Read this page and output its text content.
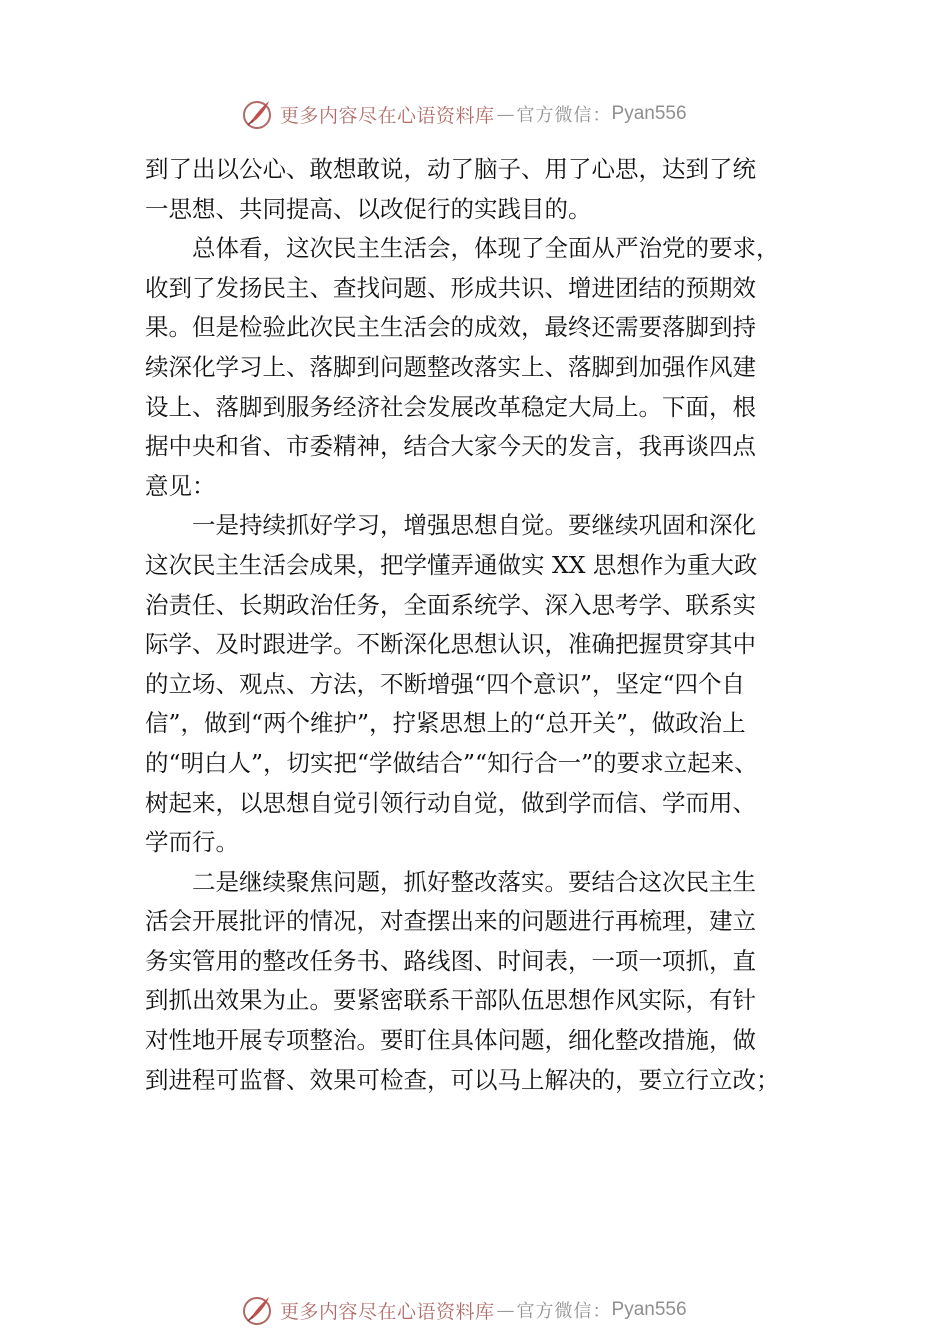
更多内容尽在心语资料库 — 官方微信： Pyan556
到了出以公心、敢想敢说，动了脑子、用了心思，达到了统
一思想、共同提高、以改促行的实践目的。
总体看，这次民主生活会，体现了全面从严治党的要求，
收到了发扬民主、查找问题、形成共识、增进团结的预期效
果。但是检验此次民主生活会的成效，最终还需要落脚到持
续深化学习上、落脚到问题整改落实上、落脚到加强作风建
设上、落脚到服务经济社会发展改革稳定大局上。下面，根
据中央和省、市委精神，结合大家今天的发言，我再谈四点
意见：
一是持续抓好学习，增强思想自觉。要继续巩固和深化
这次民主生活会成果，把学懂弄通做实 XX 思想作为重大政
治责任、长期政治任务，全面系统学、深入思考学、联系实
际学、及时跟进学。不断深化思想认识，准确把握贯穿其中
的立场、观点、方法，不断增强“四个意识”，坚定“四个自
信”，做到“两个维护”，拧紧思想上的“总开关”，做政治上
的“明白人”，切实把“学做结合”“知行合一”的要求立起来、
树起来，以思想自觉引领行动自觉，做到学而信、学而用、
学而行。
二是继续聚焦问题，抓好整改落实。要结合这次民主生
活会开展批评的情况，对查摆出来的问题进行再梳理，建立
务实管用的整改任务书、路线图、时间表，一项一项抓，直
到抓出效果为止。要紧密联系干部队伍思想作风实际，有针
对性地开展专项整治。要盯住具体问题，细化整改措施，做
到进程可监督、效果可检查，可以马上解决的，要立行立改；
更多内容尽在心语资料库 — 官方微信： Pyan556
